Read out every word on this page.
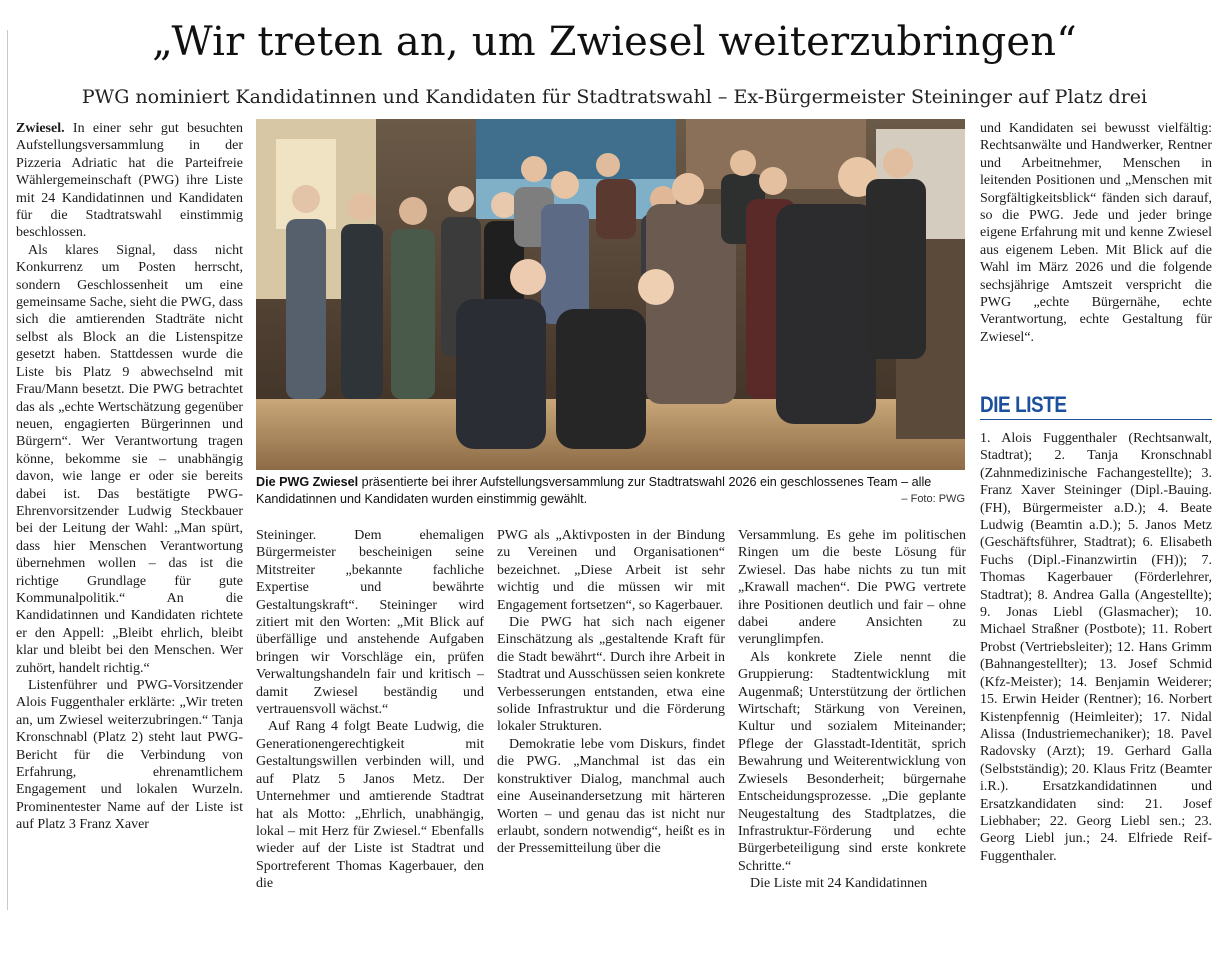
„Wir treten an, um Zwiesel weiterzubringen“
PWG nominiert Kandidatinnen und Kandidaten für Stadtratswahl – Ex-Bürgermeister Steininger auf Platz drei

Zwiesel. In einer sehr gut besuchten Aufstellungsversammlung in der Pizzeria Adriatic hat die Parteifreie Wählergemeinschaft (PWG) ihre Liste mit 24 Kandidatinnen und Kandidaten für die Stadtratswahl einstimmig beschlossen.

Als klares Signal, dass nicht Konkurrenz um Posten herrscht, sondern Geschlossenheit um eine gemeinsame Sache, sieht die PWG, dass sich die amtierenden Stadträte nicht selbst als Block an die Listenspitze gesetzt haben. Stattdessen wurde die Liste bis Platz 9 abwechselnd mit Frau/Mann besetzt. Die PWG betrachtet das als „echte Wertschätzung gegenüber neuen, engagierten Bürgerinnen und Bürgern“. Wer Verantwortung tragen könne, bekomme sie – unabhängig davon, wie lange er oder sie bereits dabei ist. Das bestätigte PWG-Ehrenvorsitzender Ludwig Steckbauer bei der Leitung der Wahl: „Man spürt, dass hier Menschen Verantwortung übernehmen wollen – das ist die richtige Grundlage für gute Kommunalpolitik.“ An die Kandidatinnen und Kandidaten richtete er den Appell: „Bleibt ehrlich, bleibt klar und bleibt bei den Menschen. Wer zuhört, handelt richtig.“

Listenführer und PWG-Vorsitzender Alois Fuggenthaler erklärte: „Wir treten an, um Zwiesel weiterzubringen.“ Tanja Kronschnabl (Platz 2) steht laut PWG-Bericht für die Verbindung von Erfahrung, ehrenamtlichem Engagement und lokalen Wurzeln. Prominentester Name auf der Liste ist auf Platz 3 Franz Xaver

Die PWG Zwiesel präsentierte bei ihrer Aufstellungsversammlung zur Stadtratswahl 2026 ein geschlossenes Team – alle Kandidatinnen und Kandidaten wurden einstimmig gewählt.	– Foto: PWG

Steininger. Dem ehemaligen Bürgermeister bescheinigen seine Mitstreiter „bekannte fachliche Expertise und bewährte Gestaltungskraft“. Steininger wird zitiert mit den Worten: „Mit Blick auf überfällige und anstehende Aufgaben bringen wir Vorschläge ein, prüfen Verwaltungshandeln fair und kritisch – damit Zwiesel beständig und vertrauensvoll wächst.“

Auf Rang 4 folgt Beate Ludwig, die Generationengerechtigkeit mit Gestaltungswillen verbinden will, und auf Platz 5 Janos Metz. Der Unternehmer und amtierende Stadtrat hat als Motto: „Ehrlich, unabhängig, lokal – mit Herz für Zwiesel.“ Ebenfalls wieder auf der Liste ist Stadtrat und Sportreferent Thomas Kagerbauer, den die

PWG als „Aktivposten in der Bindung zu Vereinen und Organisationen“ bezeichnet. „Diese Arbeit ist sehr wichtig und die müssen wir mit Engagement fortsetzen“, so Kagerbauer.

Die PWG hat sich nach eigener Einschätzung als „gestaltende Kraft für die Stadt bewährt“. Durch ihre Arbeit in Stadtrat und Ausschüssen seien konkrete Verbesserungen entstanden, etwa eine solide Infrastruktur und die Förderung lokaler Strukturen.

Demokratie lebe vom Diskurs, findet die PWG. „Manchmal ist das ein konstruktiver Dialog, manchmal auch eine Auseinandersetzung mit härteren Worten – und genau das ist nicht nur erlaubt, sondern notwendig“, heißt es in der Pressemitteilung über die

Versammlung. Es gehe im politischen Ringen um die beste Lösung für Zwiesel. Das habe nichts zu tun mit „Krawall machen“. Die PWG vertrete ihre Positionen deutlich und fair – ohne dabei andere Ansichten zu verunglimpfen.

Als konkrete Ziele nennt die Gruppierung: Stadtentwicklung mit Augenmaß; Unterstützung der örtlichen Wirtschaft; Stärkung von Vereinen, Kultur und sozialem Miteinander; Pflege der Glasstadt-Identität, sprich Bewahrung und Weiterentwicklung von Zwiesels Besonderheit; bürgernahe Entscheidungsprozesse. „Die geplante Neugestaltung des Stadtplatzes, die Infrastruktur-Förderung und echte Bürgerbeteiligung sind erste konkrete Schritte.“

Die Liste mit 24 Kandidatinnen

und Kandidaten sei bewusst vielfältig: Rechtsanwälte und Handwerker, Rentner und Arbeitnehmer, Menschen in leitenden Positionen und „Menschen mit Sorgfältigkeitsblick“ fänden sich darauf, so die PWG. Jede und jeder bringe eigene Erfahrung mit und kenne Zwiesel aus eigenem Leben. Mit Blick auf die Wahl im März 2026 und die folgende sechsjährige Amtszeit verspricht die PWG „echte Bürgernähe, echte Verantwortung, echte Gestaltung für Zwiesel“.

DIE LISTE

1. Alois Fuggenthaler (Rechtsanwalt, Stadtrat); 2. Tanja Kronschnabl (Zahnmedizinische Fachangestellte); 3. Franz Xaver Steininger (Dipl.-Bauing. (FH), Bürgermeister a.D.); 4. Beate Ludwig (Beamtin a.D.); 5. Janos Metz (Geschäftsführer, Stadtrat); 6. Elisabeth Fuchs (Dipl.-Finanzwirtin (FH)); 7. Thomas Kagerbauer (Förderlehrer, Stadtrat); 8. Andrea Galla (Angestellte); 9. Jonas Liebl (Glasmacher); 10. Michael Straßner (Postbote); 11. Robert Probst (Vertriebsleiter); 12. Hans Grimm (Bahnangestellter); 13. Josef Schmid (Kfz-Meister); 14. Benjamin Weiderer; 15. Erwin Heider (Rentner); 16. Norbert Kistenpfennig (Heimleiter); 17. Nidal Alissa (Industriemechaniker); 18. Pavel Radovsky (Arzt); 19. Gerhard Galla (Selbstständig); 20. Klaus Fritz (Beamter i.R.). Ersatzkandidatinnen und Ersatzkandidaten sind: 21. Josef Liebhaber; 22. Georg Liebl sen.; 23. Georg Liebl jun.; 24. Elfriede Reif-Fuggenthaler.
